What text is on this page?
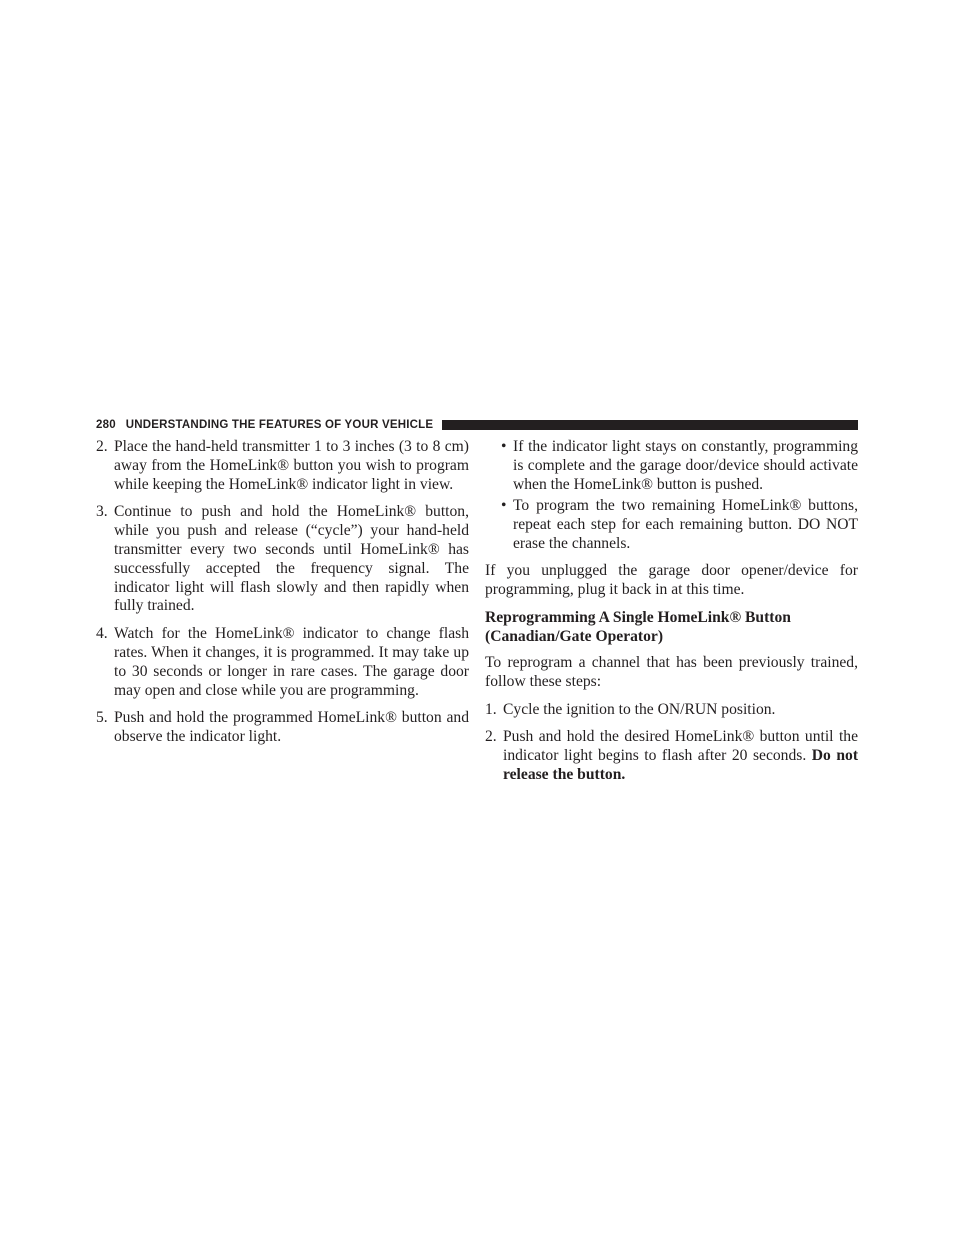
280 UNDERSTANDING THE FEATURES OF YOUR VEHICLE
2. Place the hand-held transmitter 1 to 3 inches (3 to 8 cm) away from the HomeLink® button you wish to program while keeping the HomeLink® indicator light in view.
3. Continue to push and hold the HomeLink® button, while you push and release (“cycle”) your hand-held transmitter every two seconds until HomeLink® has successfully accepted the frequency signal. The indicator light will flash slowly and then rapidly when fully trained.
4. Watch for the HomeLink® indicator to change flash rates. When it changes, it is programmed. It may take up to 30 seconds or longer in rare cases. The garage door may open and close while you are programming.
5. Push and hold the programmed HomeLink® button and observe the indicator light.
• If the indicator light stays on constantly, programming is complete and the garage door/device should activate when the HomeLink® button is pushed.
• To program the two remaining HomeLink® buttons, repeat each step for each remaining button. DO NOT erase the channels.
If you unplugged the garage door opener/device for programming, plug it back in at this time.
Reprogramming A Single HomeLink® Button
(Canadian/Gate Operator)
To reprogram a channel that has been previously trained, follow these steps:
1. Cycle the ignition to the ON/RUN position.
2. Push and hold the desired HomeLink® button until the indicator light begins to flash after 20 seconds. Do not release the button.
